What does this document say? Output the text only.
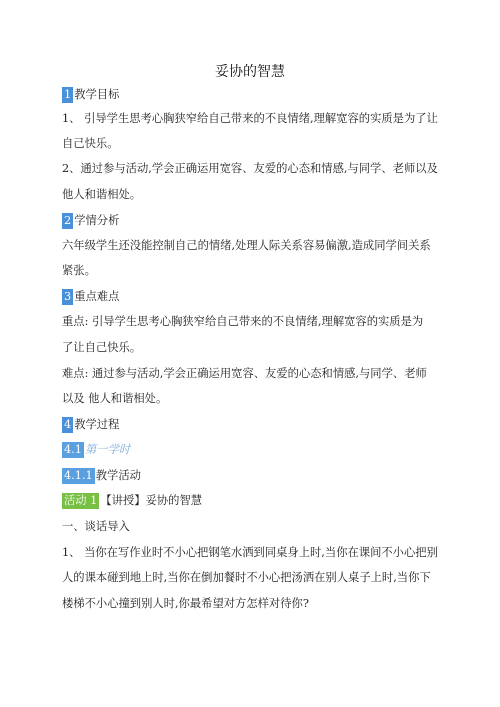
妥协的智慧
1 教学目标
1、 引导学生思考心胸狭窄给自己带来的不良情绪,理解宽容的实质是为了让
自己快乐。
2、通过参与活动,学会正确运用宽容、友爱的心态和情感,与同学、老师以及
他人和谐相处。
2 学情分析
六年级学生还没能控制自己的情绪,处理人际关系容易偏激,造成同学间关系
紧张。
3 重点难点
重点: 引导学生思考心胸狭窄给自己带来的不良情绪,理解宽容的实质是为
了让自己快乐。
难点: 通过参与活动,学会正确运用宽容、友爱的心态和情感,与同学、老师
以及 他人和谐相处。
4 教学过程
4.1 第一学时
4.1.1 教学活动
活动 1 【讲授】妥协的智慧
一、谈话导入
1、 当你在写作业时不小心把钢笔水洒到同桌身上时,当你在课间不小心把别
人的课本碰到地上时,当你在倒加餐时不小心把汤洒在别人桌子上时,当你下
楼梯不小心撞到别人时,你最希望对方怎样对待你?
